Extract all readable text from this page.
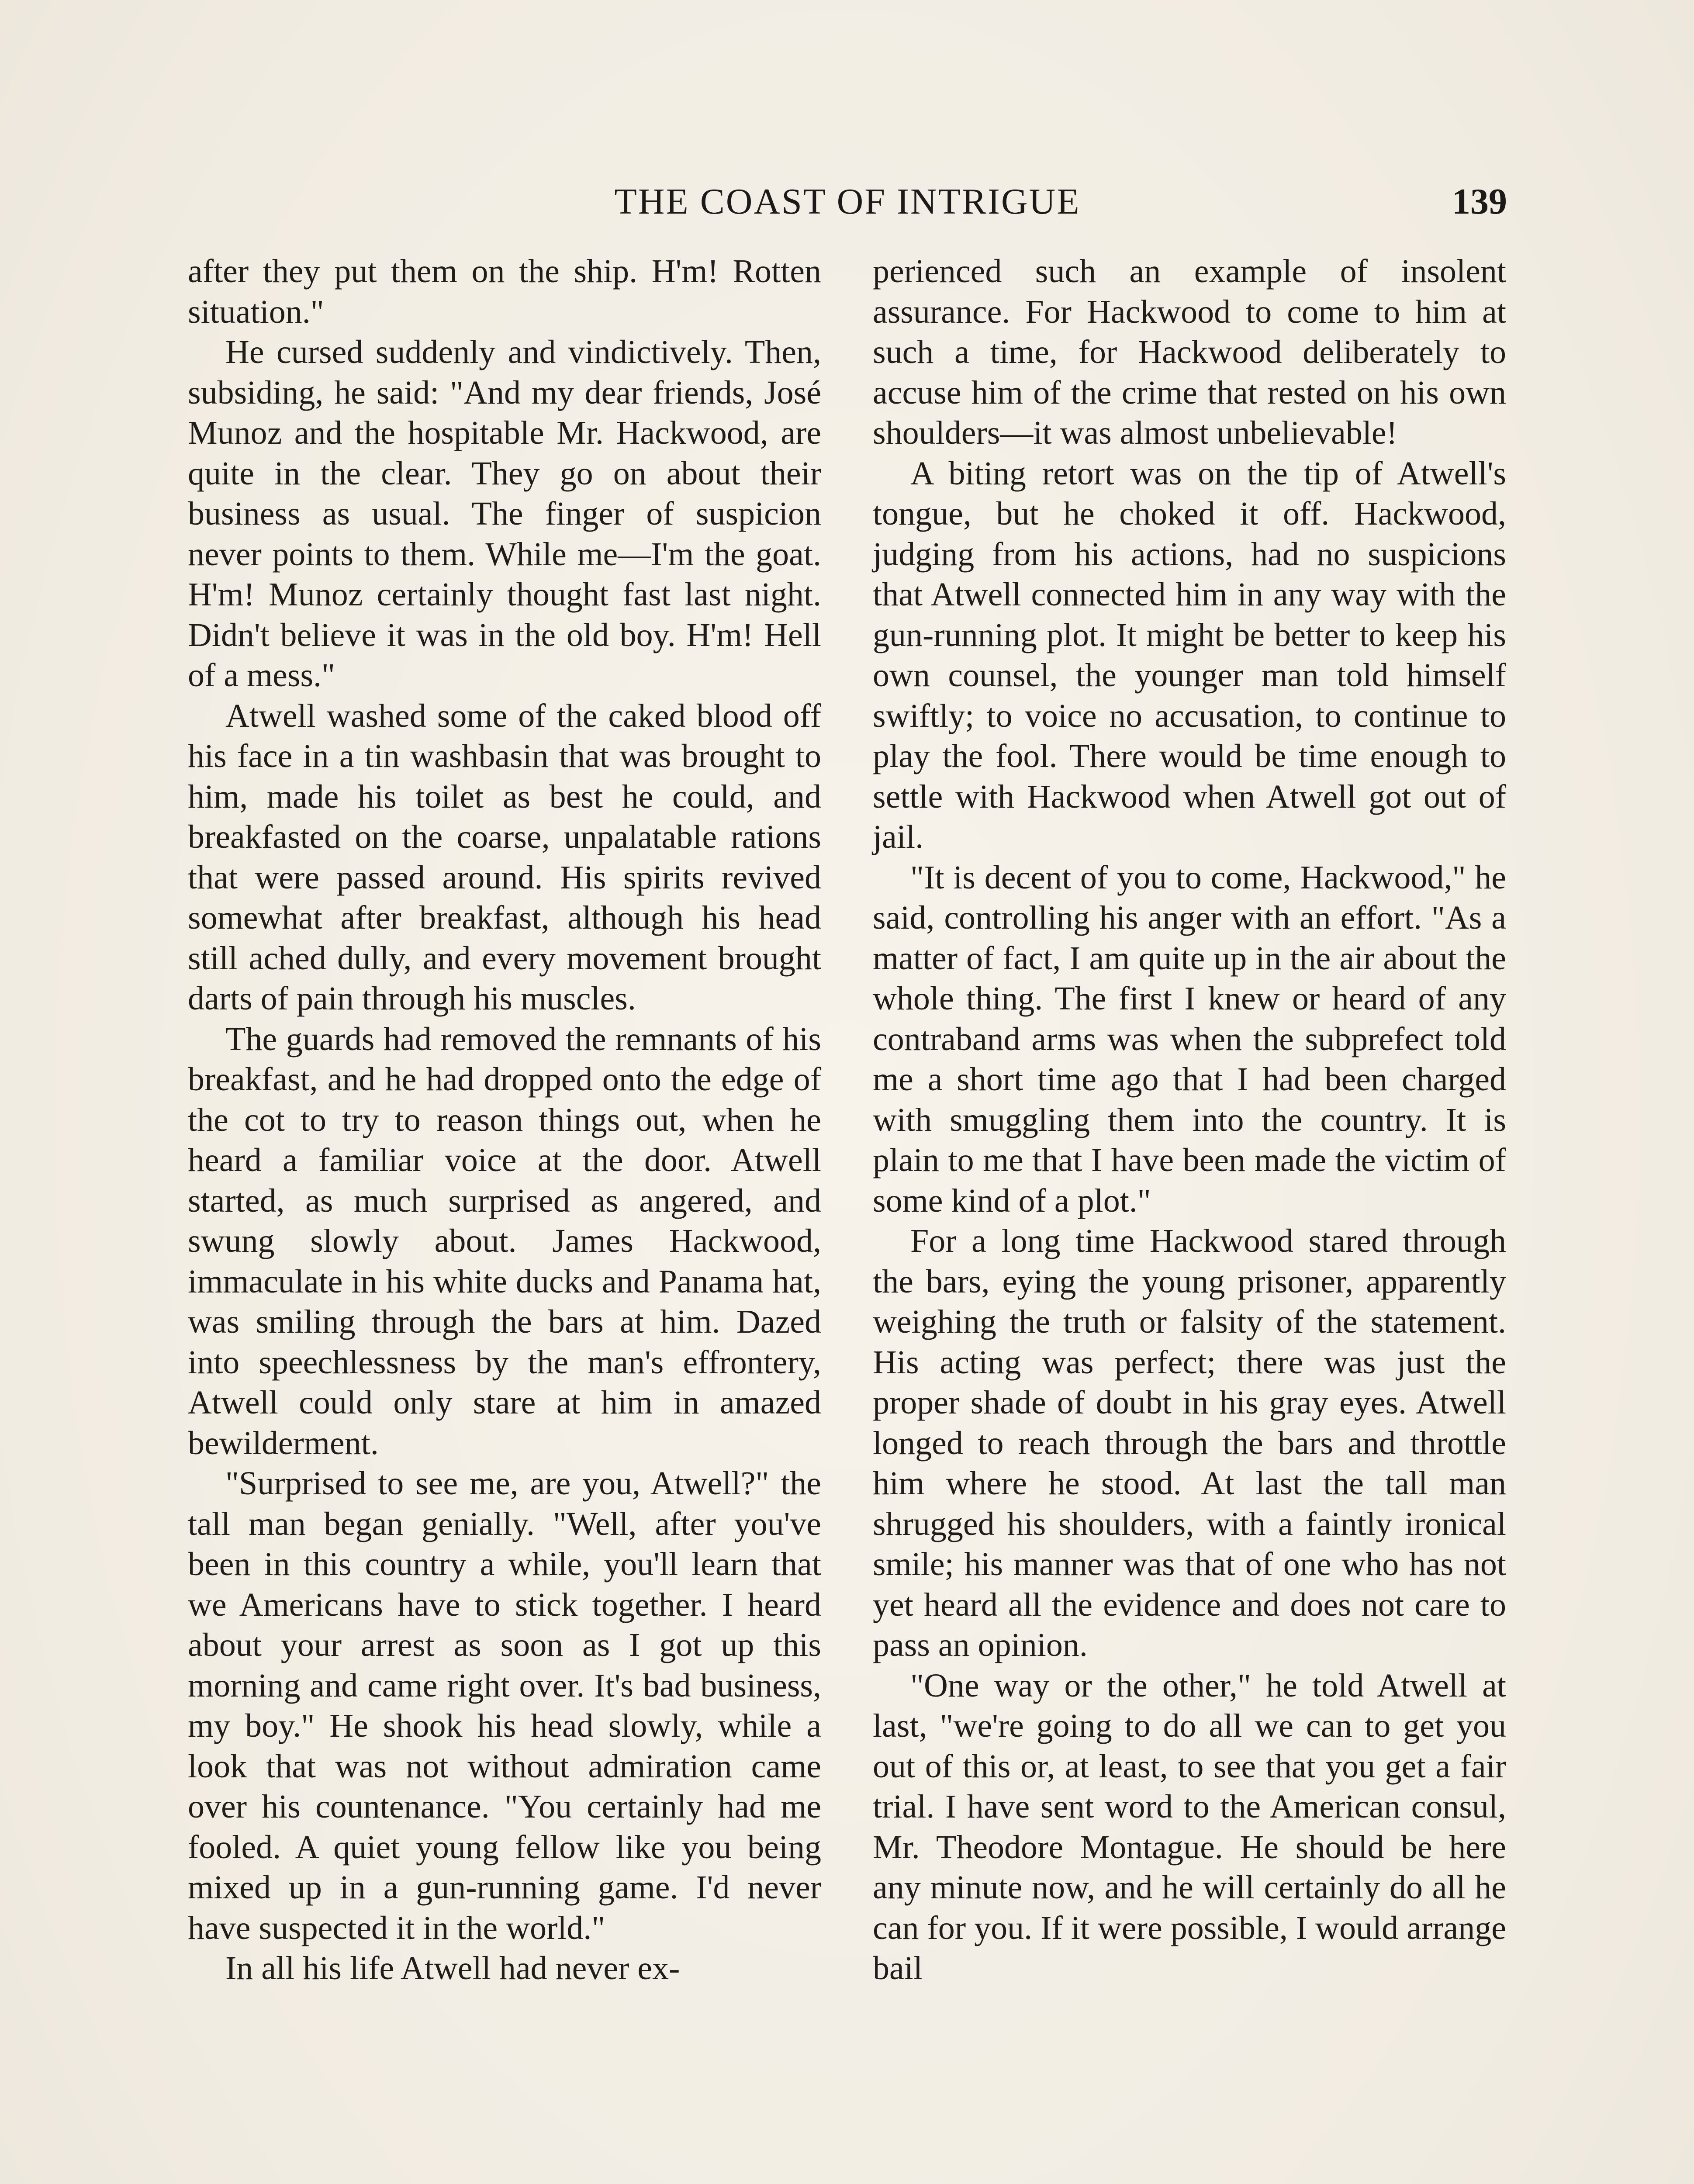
THE COAST OF INTRIGUE	139

after they put them on the ship. H'm! Rotten situation."

He cursed suddenly and vindictively. Then, subsiding, he said: "And my dear friends, José Munoz and the hospitable Mr. Hackwood, are quite in the clear. They go on about their business as usual. The finger of suspicion never points to them. While me—I'm the goat. H'm! Munoz certainly thought fast last night. Didn't believe it was in the old boy. H'm! Hell of a mess."

Atwell washed some of the caked blood off his face in a tin washbasin that was brought to him, made his toilet as best he could, and breakfasted on the coarse, unpalatable rations that were passed around. His spirits revived somewhat after breakfast, although his head still ached dully, and every movement brought darts of pain through his muscles.

The guards had removed the remnants of his breakfast, and he had dropped onto the edge of the cot to try to reason things out, when he heard a familiar voice at the door. Atwell started, as much surprised as angered, and swung slowly about. James Hackwood, immaculate in his white ducks and Panama hat, was smiling through the bars at him. Dazed into speechlessness by the man's effrontery, Atwell could only stare at him in amazed bewilderment.

"Surprised to see me, are you, Atwell?" the tall man began genially. "Well, after you've been in this country a while, you'll learn that we Americans have to stick together. I heard about your arrest as soon as I got up this morning and came right over. It's bad business, my boy." He shook his head slowly, while a look that was not without admiration came over his countenance. "You certainly had me fooled. A quiet young fellow like you being mixed up in a gun-running game. I'd never have suspected it in the world."

In all his life Atwell had never ex-

perienced such an example of insolent assurance. For Hackwood to come to him at such a time, for Hackwood deliberately to accuse him of the crime that rested on his own shoulders—it was almost unbelievable!

A biting retort was on the tip of Atwell's tongue, but he choked it off. Hackwood, judging from his actions, had no suspicions that Atwell connected him in any way with the gun-running plot. It might be better to keep his own counsel, the younger man told himself swiftly; to voice no accusation, to continue to play the fool. There would be time enough to settle with Hackwood when Atwell got out of jail.

"It is decent of you to come, Hackwood," he said, controlling his anger with an effort. "As a matter of fact, I am quite up in the air about the whole thing. The first I knew or heard of any contraband arms was when the subprefect told me a short time ago that I had been charged with smuggling them into the country. It is plain to me that I have been made the victim of some kind of a plot."

For a long time Hackwood stared through the bars, eying the young prisoner, apparently weighing the truth or falsity of the statement. His acting was perfect; there was just the proper shade of doubt in his gray eyes. Atwell longed to reach through the bars and throttle him where he stood. At last the tall man shrugged his shoulders, with a faintly ironical smile; his manner was that of one who has not yet heard all the evidence and does not care to pass an opinion.

"One way or the other," he told Atwell at last, "we're going to do all we can to get you out of this or, at least, to see that you get a fair trial. I have sent word to the American consul, Mr. Theodore Montague. He should be here any minute now, and he will certainly do all he can for you. If it were possible, I would arrange bail
